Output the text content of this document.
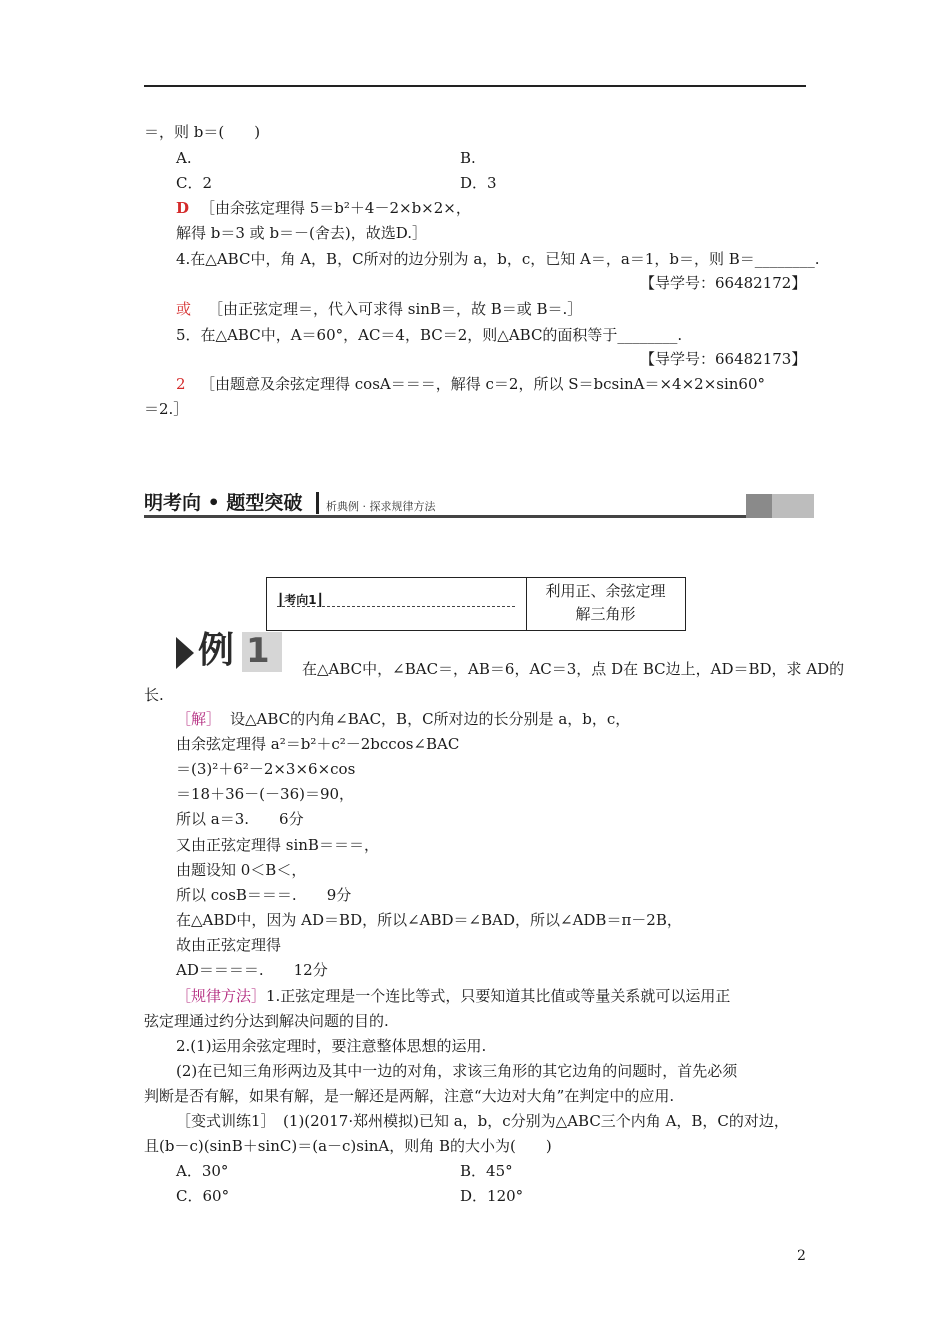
＝，则 b＝(　　)
A.	B.
C．2	D．3
D ［由余弦定理得 5＝b²＋4－2×b×2×，
解得 b＝3 或 b＝－(舍去)，故选D.］
4.在△ABC中，角 A，B，C所对的边分别为 a，b，c，已知 A＝，a＝1，b＝，则 B＝________.
【导学号：66482172】
或 ［由正弦定理＝，代入可求得 sinB＝，故 B＝或 B＝.］
5．在△ABC中，A＝60°，AC＝4，BC＝2，则△ABC的面积等于________.
【导学号：66482173】
2 ［由题意及余弦定理得 cosA＝＝＝，解得 c＝2，所以 S＝bcsinA＝×4×2×sin60°
＝2.］
明考向 • 题型突破 析典例 · 探求规律方法
┃考向1┃	利用正、余弦定理
解三角形
例 1 在△ABC中，∠BAC＝，AB＝6，AC＝3，点 D在 BC边上，AD＝BD，求 AD的
长.
［解］ 设△ABC的内角∠BAC，B，C所对边的长分别是 a，b，c，
由余弦定理得 a²＝b²＋c²－2bccos∠BAC
＝(3)²＋6²－2×3×6×cos
＝18＋36－(－36)＝90，
所以 a＝3.　　6分
又由正弦定理得 sinB＝＝＝，
由题设知 0＜B＜，
所以 cosB＝＝＝.　　9分
在△ABD中，因为 AD＝BD，所以∠ABD＝∠BAD，所以∠ADB＝π－2B，
故由正弦定理得
AD＝＝＝＝.　　12分
［规律方法］ 1.正弦定理是一个连比等式，只要知道其比值或等量关系就可以运用正
弦定理通过约分达到解决问题的目的.
2.(1)运用余弦定理时，要注意整体思想的运用.
(2)在已知三角形两边及其中一边的对角，求该三角形的其它边角的问题时，首先必须
判断是否有解，如果有解，是一解还是两解，注意“大边对大角”在判定中的应用.
［变式训练1］　(1)(2017·郑州模拟)已知 a，b，c分别为△ABC三个内角 A，B，C的对边，
且(b－c)(sinB＋sinC)＝(a－c)sinA，则角 B的大小为(　　)
A．30°	B．45°
C．60°	D．120°
2
